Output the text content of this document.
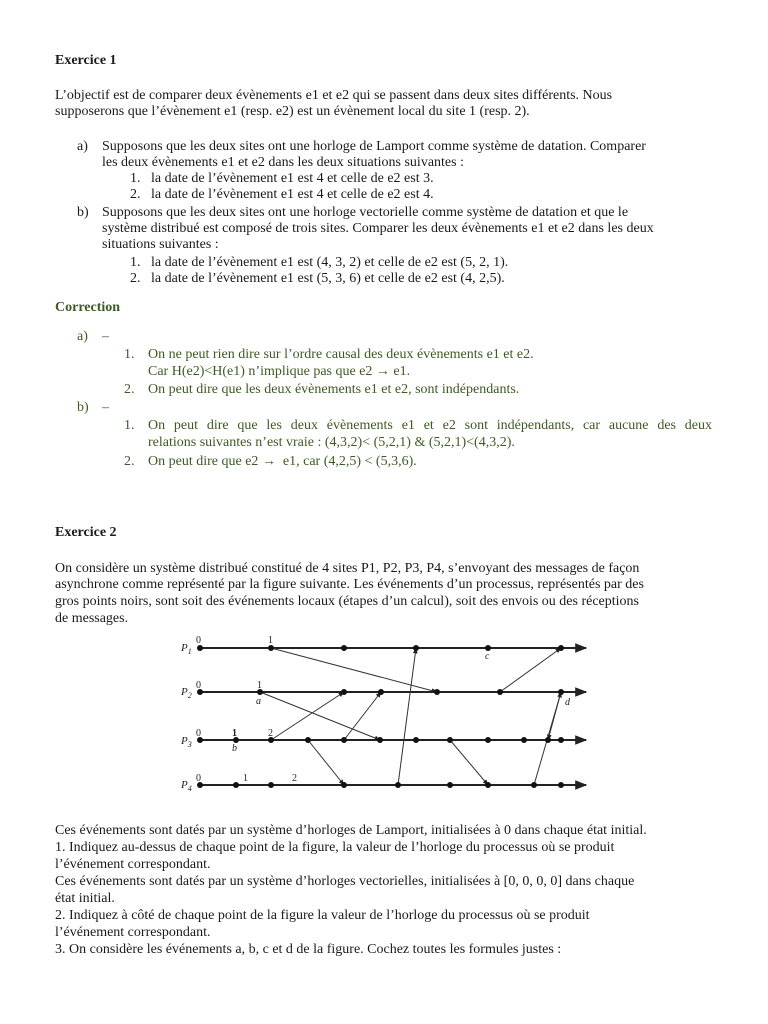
Exercice 1
L’objectif est de comparer deux évènements e1 et e2 qui se passent dans deux sites différents. Nous
supposerons que l’évènement e1 (resp. e2) est un évènement local du site 1 (resp. 2).
a) Supposons que les deux sites ont une horloge de Lamport comme système de datation. Comparer
les deux évènements e1 et e2 dans les deux situations suivantes :
1. la date de l’évènement e1 est 4 et celle de e2 est 3.
2. la date de l’évènement e1 est 4 et celle de e2 est 4.
b) Supposons que les deux sites ont une horloge vectorielle comme système de datation et que le
système distribué est composé de trois sites. Comparer les deux évènements e1 et e2 dans les deux
situations suivantes :
1. la date de l’évènement e1 est (4, 3, 2) et celle de e2 est (5, 2, 1).
2. la date de l’évènement e1 est (5, 3, 6) et celle de e2 est (4, 2,5).
Correction
a) –
1. On ne peut rien dire sur l’ordre causal des deux évènements e1 et e2.
Car H(e2)<H(e1) n’implique pas que e2 → e1.
2. On peut dire que les deux évènements e1 et e2, sont indépendants.
b) –
1. On peut dire que les deux évènements e1 et e2 sont indépendants, car aucune des deux
relations suivantes n’est vraie : (4,3,2)< (5,2,1) & (5,2,1)<(4,3,2).
2. On peut dire que e2 →  e1, car (4,2,5) < (5,3,6).
Exercice 2
On considère un système distribué constitué de 4 sites P1, P2, P3, P4, s’envoyant des messages de façon
asynchrone comme représenté par la figure suivante. Les événements d’un processus, représentés par des
gros points noirs, sont soit des événements locaux (étapes d’un calcul), soit des envois ou des réceptions
de messages.
$P_1$
$P_2$
$P_3$
$P_4$
0	1
0	1
0	1	2
0	1	2
c
a	d
b
Ces événements sont datés par un système d’horloges de Lamport, initialisées à 0 dans chaque état initial.
1. Indiquez au-dessus de chaque point de la figure, la valeur de l’horloge du processus où se produit
l’événement correspondant.
Ces événements sont datés par un système d’horloges vectorielles, initialisées à [0, 0, 0, 0] dans chaque
état initial.
2. Indiquez à côté de chaque point de la figure la valeur de l’horloge du processus où se produit
l’événement correspondant.
3. On considère les événements a, b, c et d de la figure. Cochez toutes les formules justes :
